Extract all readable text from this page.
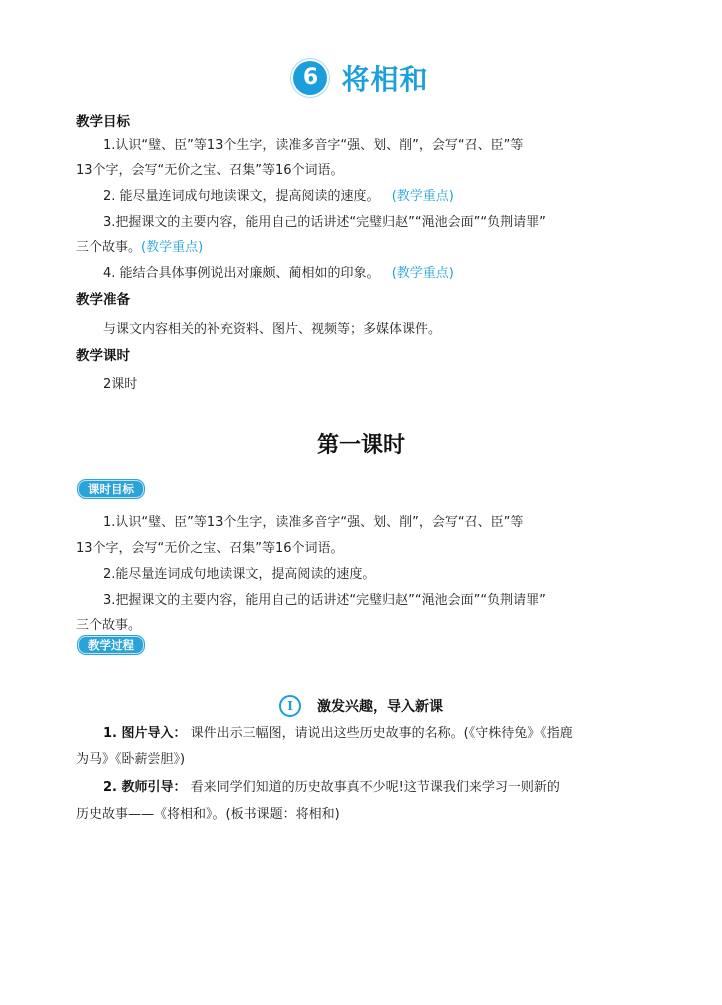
6 将相和
教学目标
1.认识“璧、臣”等13个生字，读准多音字“强、划、削”，会写“召、臣”等
13个字，会写“无价之宝、召集”等16个词语。
2. 能尽量连词成句地读课文，提高阅读的速度。 (教学重点)
3.把握课文的主要内容，能用自己的话讲述“完璧归赵”“渑池会面”“负荆请罪”
三个故事。(教学重点)
4. 能结合具体事例说出对廉颇、蔺相如的印象。 (教学重点)
教学准备
与课文内容相关的补充资料、图片、视频等；多媒体课件。
教学课时
2课时
第一课时
课时目标
1.认识“璧、臣”等13个生字，读准多音字“强、划、削”，会写“召、臣”等
13个字，会写“无价之宝、召集”等16个词语。
2.能尽量连词成句地读课文，提高阅读的速度。
3.把握课文的主要内容，能用自己的话讲述“完璧归赵”“渑池会面”“负荆请罪”
三个故事。
教学过程
I	激发兴趣，导入新课
1. 图片导入： 课件出示三幅图，请说出这些历史故事的名称。(《守株待兔》《指鹿
为马》《卧薪尝胆》)
2. 教师引导： 看来同学们知道的历史故事真不少呢!这节课我们来学习一则新的
历史故事——《将相和》。(板书课题：将相和)
